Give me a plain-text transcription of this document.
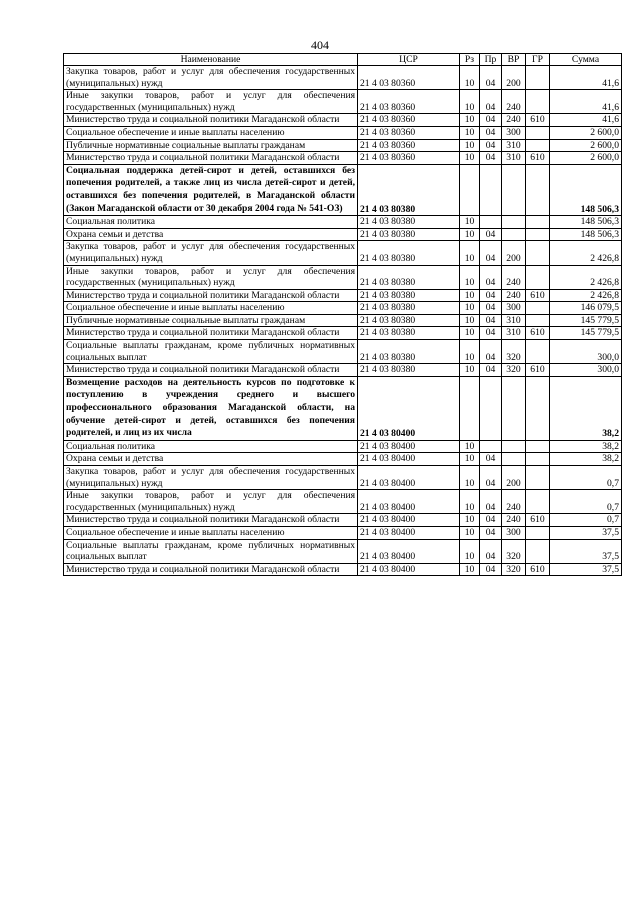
404
Наименование	ЦСР	Рз	Пр	ВР	ГР	Сумма
Закупка товаров, работ и услуг для обеспечения государственных (муниципальных) нужд	21 4 03 80360	10	04	200		41,6
Иные закупки товаров, работ и услуг для обеспечения государственных (муниципальных) нужд	21 4 03 80360	10	04	240		41,6
Министерство труда и социальной политики Магаданской области	21 4 03 80360	10	04	240	610	41,6
Социальное обеспечение и иные выплаты населению	21 4 03 80360	10	04	300		2 600,0
Публичные нормативные социальные выплаты гражданам	21 4 03 80360	10	04	310		2 600,0
Министерство труда и социальной политики Магаданской области	21 4 03 80360	10	04	310	610	2 600,0
Социальная поддержка детей-сирот и детей, оставшихся без попечения родителей, а также лиц из числа детей-сирот и детей, оставшихся без попечения родителей, в Магаданской области (Закон Магаданской области от 30 декабря 2004 года № 541-ОЗ)	21 4 03 80380					148 506,3
Социальная политика	21 4 03 80380	10				148 506,3
Охрана семьи и детства	21 4 03 80380	10	04			148 506,3
Закупка товаров, работ и услуг для обеспечения государственных (муниципальных) нужд	21 4 03 80380	10	04	200		2 426,8
Иные закупки товаров, работ и услуг для обеспечения государственных (муниципальных) нужд	21 4 03 80380	10	04	240		2 426,8
Министерство труда и социальной политики Магаданской области	21 4 03 80380	10	04	240	610	2 426,8
Социальное обеспечение и иные выплаты населению	21 4 03 80380	10	04	300		146 079,5
Публичные нормативные социальные выплаты гражданам	21 4 03 80380	10	04	310		145 779,5
Министерство труда и социальной политики Магаданской области	21 4 03 80380	10	04	310	610	145 779,5
Социальные выплаты гражданам, кроме публичных нормативных социальных выплат	21 4 03 80380	10	04	320		300,0
Министерство труда и социальной политики Магаданской области	21 4 03 80380	10	04	320	610	300,0
Возмещение расходов на деятельность курсов по подготовке к поступлению в учреждения среднего и высшего профессионального образования Магаданской области, на обучение детей-сирот и детей, оставшихся без попечения родителей, и лиц из их числа	21 4 03 80400					38,2
Социальная политика	21 4 03 80400	10				38,2
Охрана семьи и детства	21 4 03 80400	10	04			38,2
Закупка товаров, работ и услуг для обеспечения государственных (муниципальных) нужд	21 4 03 80400	10	04	200		0,7
Иные закупки товаров, работ и услуг для обеспечения государственных (муниципальных) нужд	21 4 03 80400	10	04	240		0,7
Министерство труда и социальной политики Магаданской области	21 4 03 80400	10	04	240	610	0,7
Социальное обеспечение и иные выплаты населению	21 4 03 80400	10	04	300		37,5
Социальные выплаты гражданам, кроме публичных нормативных социальных выплат	21 4 03 80400	10	04	320		37,5
Министерство труда и социальной политики Магаданской области	21 4 03 80400	10	04	320	610	37,5
